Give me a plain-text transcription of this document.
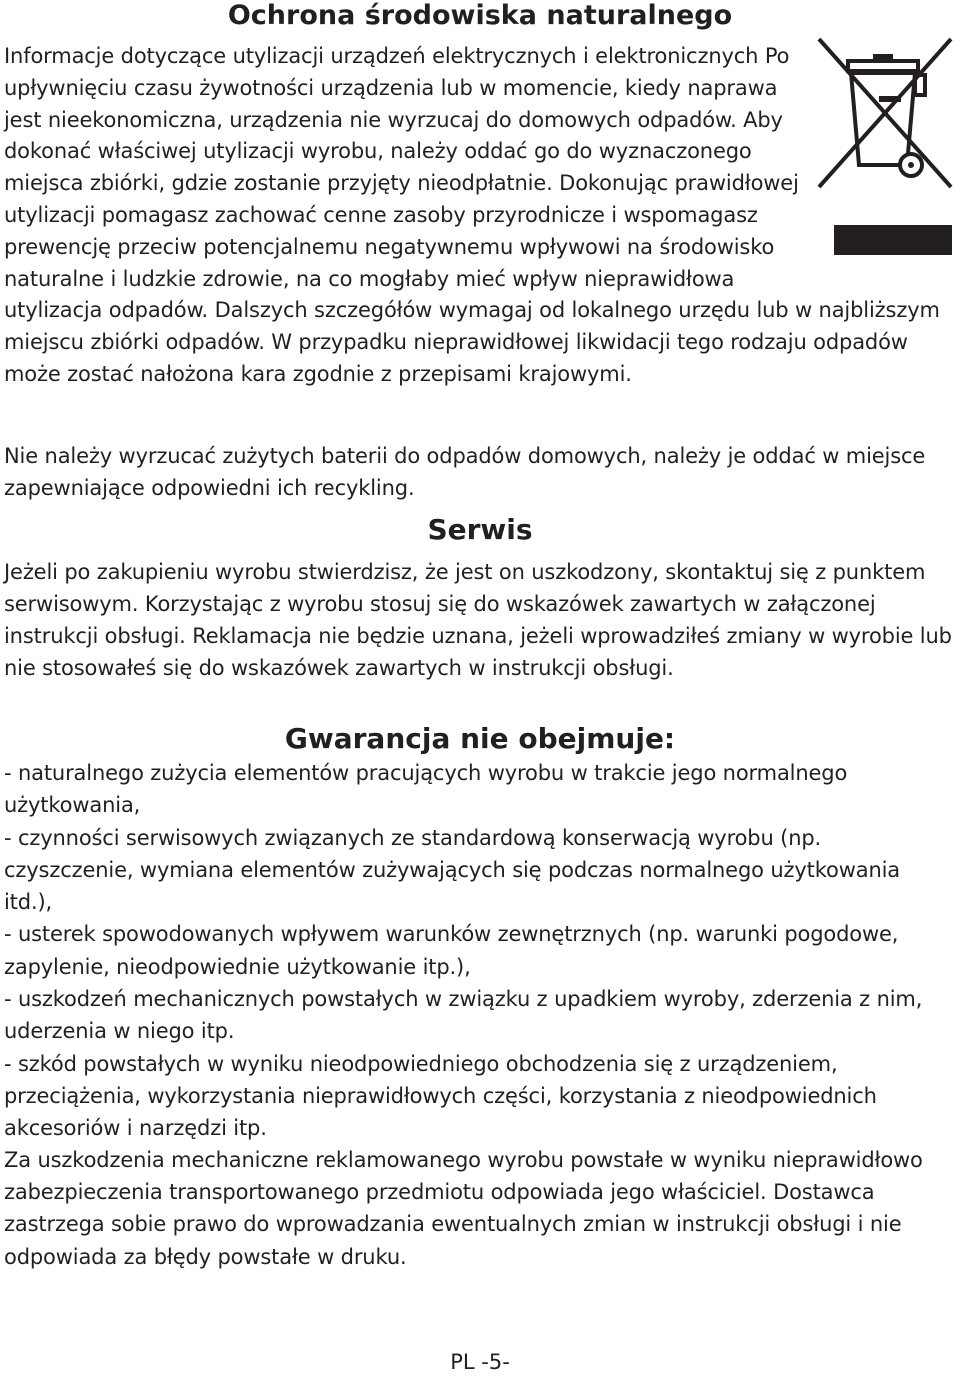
Ochrona środowiska naturalnego

Informacje dotyczące utylizacji urządzeń elektrycznych i elektronicznych Po upływnięciu czasu żywotności urządzenia lub w momencie, kiedy naprawa jest nieekonomiczna, urządzenia nie wyrzucaj do domowych odpadów. Aby dokonać właściwej utylizacji wyrobu, należy oddać go do wyznaczonego miejsca zbiórki, gdzie zostanie przyjęty nieodpłatnie. Dokonując prawidłowej utylizacji pomagasz zachować cenne zasoby przyrodnicze i wspomagasz prewencję przeciw potencjalnemu negatywnemu wpływowi na środowisko naturalne i ludzkie zdrowie, na co mogłaby mieć wpływ nieprawidłowa utylizacja odpadów. Dalszych szczegółów wymagaj od lokalnego urzędu lub w najbliższym miejscu zbiórki odpadów. W przypadku nieprawidłowej likwidacji tego rodzaju odpadów może zostać nałożona kara zgodnie z przepisami krajowymi.

Nie należy wyrzucać zużytych baterii do odpadów domowych, należy je oddać w miejsce zapewniające odpowiedni ich recykling.

Serwis

Jeżeli po zakupieniu wyrobu stwierdzisz, że jest on uszkodzony, skontaktuj się z punktem serwisowym. Korzystając z wyrobu stosuj się do wskazówek zawartych w załączonej instrukcji obsługi. Reklamacja nie będzie uznana, jeżeli wprowadziłeś zmiany w wyrobie lub nie stosowałeś się do wskazówek zawartych w instrukcji obsługi.

Gwarancja nie obejmuje:
- naturalnego zużycia elementów pracujących wyrobu w trakcie jego normalnego użytkowania,
- czynności serwisowych związanych ze standardową konserwacją wyrobu (np. czyszczenie, wymiana elementów zużywających się podczas normalnego użytkowania itd.),
- usterek spowodowanych wpływem warunków zewnętrznych (np. warunki pogodowe, zapylenie, nieodpowiednie użytkowanie itp.),
- uszkodzeń mechanicznych powstałych w związku z upadkiem wyroby, zderzenia z nim, uderzenia w niego itp.
- szkód powstałych w wyniku nieodpowiedniego obchodzenia się z urządzeniem, przeciążenia, wykorzystania nieprawidłowych części, korzystania z nieodpowiednich akcesoriów i narzędzi itp.

Za uszkodzenia mechaniczne reklamowanego wyrobu powstałe w wyniku nieprawidłowo zabezpieczenia transportowanego przedmiotu odpowiada jego właściciel. Dostawca zastrzega sobie prawo do wprowadzania ewentualnych zmian w instrukcji obsługi i nie odpowiada za błędy powstałe w druku.

PL -5-
